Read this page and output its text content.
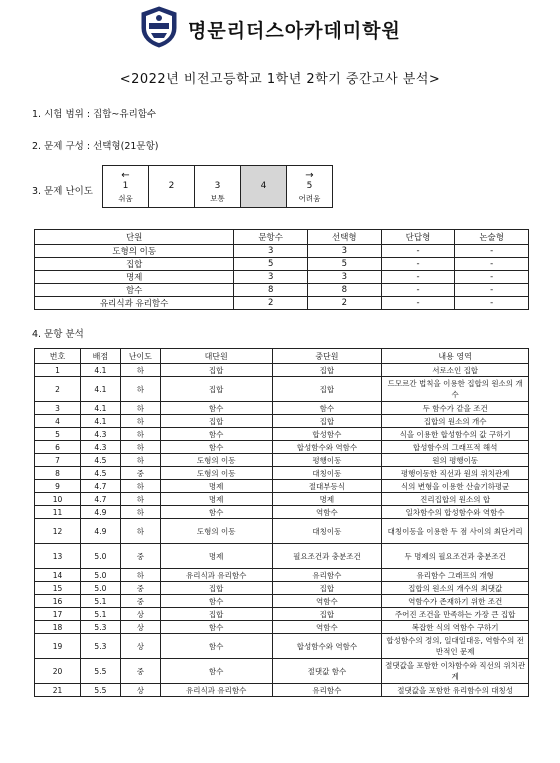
명문리더스아카데미학원
<2022년 비전고등학교 1학년 2학기 중간고사 분석>
1. 시험 범위 : 집합~유리함수
2. 문제 구성 : 선택형(21문항)
3. 문제 난이도
←
1
쉬움

2	3
보통

4

→
5
어려움
단원	문항수	선택형	단답형	논술형
도형의 이동	3	3	-	-
집합	5	5	-	-
명제	3	3	-	-
함수	8	8	-	-
유리식과 유리함수	2	2	-	-
4. 문항 분석
번호	배점	난이도	대단원	중단원	내용 영역
1	4.1	하	집합	집합	서로소인 집합
2	4.1	하	집합	집합	드모르간 법칙을 이용한 집합의 원소의 개수
3	4.1	하	함수	함수	두 함수가 같을 조건
4	4.1	하	집합	집합	집합의 원소의 개수
5	4.3	하	함수	합성함수	식을 이용한 합성함수의 값 구하기
6	4.3	하	함수	합성함수와 역함수	합성함수의 그래프적 해석
7	4.5	하	도형의 이동	평행이동	원의 평행이동
8	4.5	중	도형의 이동	대칭이동	평행이동한 직선과 원의 위치관계
9	4.7	하	명제	절대부등식	식의 변형을 이용한 산술기하평균
10	4.7	하	명제	명제	진리집합의 원소의 합
11	4.9	하	함수	역함수	일차함수의 합성함수와 역함수
12	4.9	하	도형의 이동	대칭이동	대칭이동을 이용한 두 점 사이의 최단거리
13	5.0	중	명제	필요조건과 충분조건	두 명제의 필요조건과 충분조건
14	5.0	하	유리식과 유리함수	유리함수	유리함수 그래프의 개형
15	5.0	중	집합	집합	집합의 원소의 개수의 최댓값
16	5.1	중	함수	역함수	역함수가 존재하기 위한 조건
17	5.1	상	집합	집합	주어진 조건을 만족하는 가장 큰 집합
18	5.3	상	함수	역함수	복잡한 식의 역함수 구하기
19	5.3	상	함수	합성함수와 역함수	합성함수의 정의, 일대일대응, 역함수의 전반적인 문제
20	5.5	중	함수	절댓값 함수	절댓값을 포함한 이차함수와 직선의 위치관계
21	5.5	상	유리식과 유리함수	유리함수	절댓값을 포함한 유리함수의 대칭성
